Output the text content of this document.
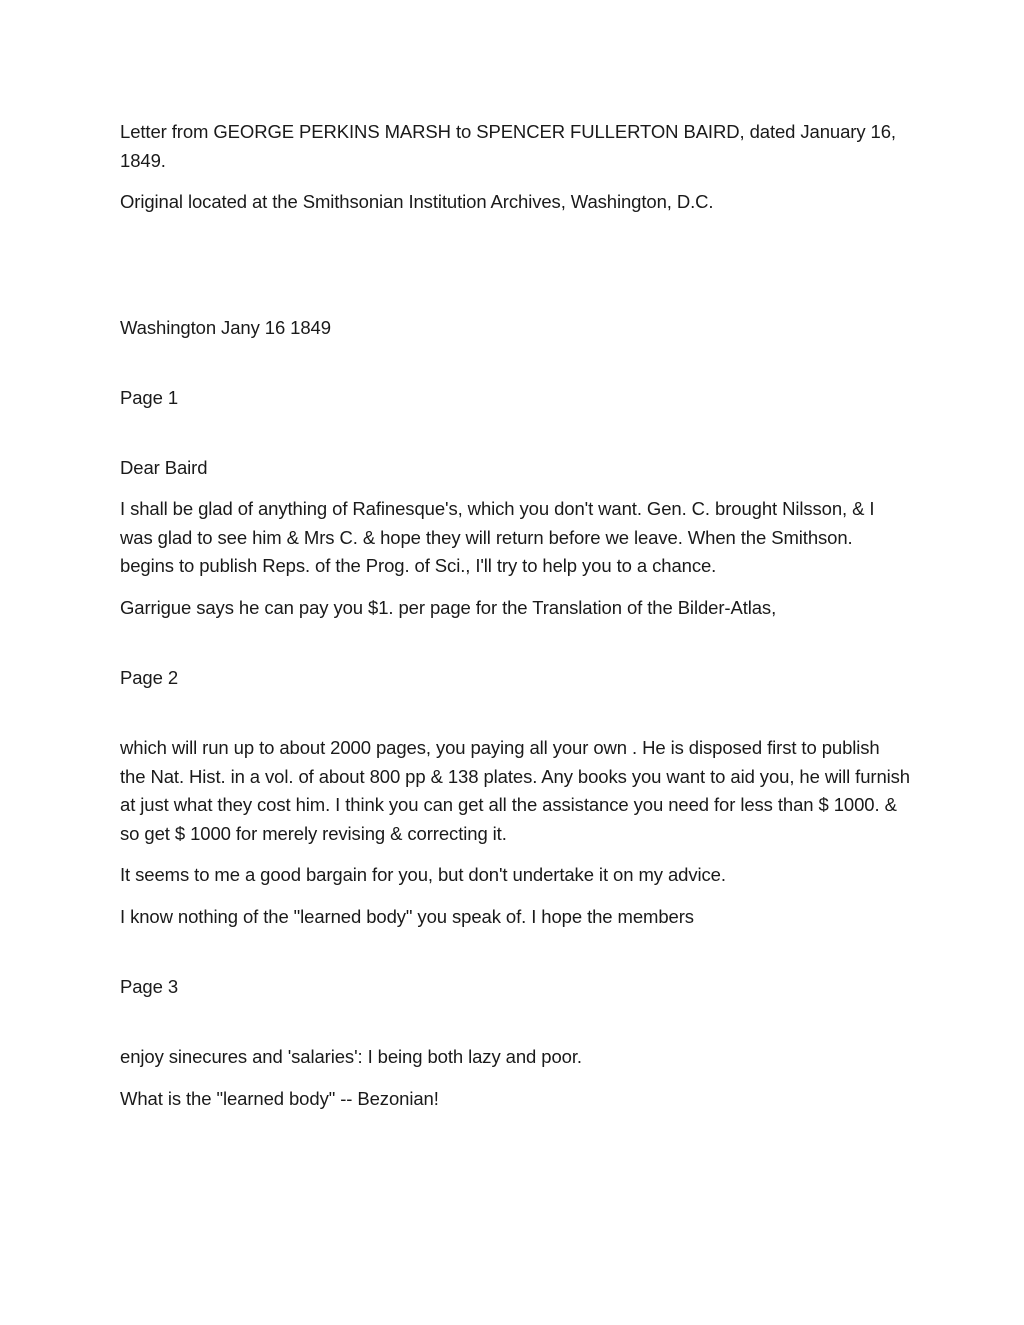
Letter from GEORGE PERKINS MARSH to SPENCER FULLERTON BAIRD, dated January 16, 1849.

Original located at the Smithsonian Institution Archives, Washington, D.C.

Washington Jany 16 1849

Page 1

Dear Baird

I shall be glad of anything of Rafinesque's, which you don't want. Gen. C. brought Nilsson, & I was glad to see him & Mrs C. & hope they will return before we leave. When the Smithson. begins to publish Reps. of the Prog. of Sci., I'll try to help you to a chance.

Garrigue says he can pay you $1. per page for the Translation of the Bilder-Atlas,

Page 2

which will run up to about 2000 pages, you paying all your own . He is disposed first to publish the Nat. Hist. in a vol. of about 800 pp & 138 plates. Any books you want to aid you, he will furnish at just what they cost him. I think you can get all the assistance you need for less than $ 1000. & so get $ 1000 for merely revising & correcting it.

It seems to me a good bargain for you, but don't undertake it on my advice.

I know nothing of the "learned body" you speak of. I hope the members

Page 3

enjoy sinecures and 'salaries': I being both lazy and poor.

What is the "learned body" -- Bezonian!
